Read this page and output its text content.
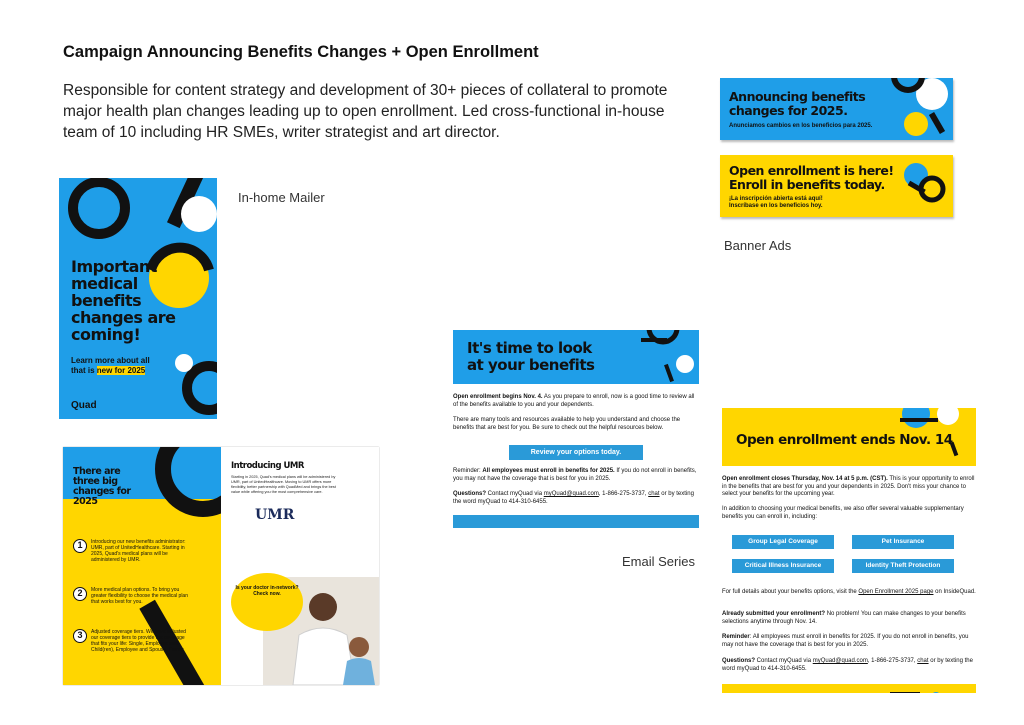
Campaign Announcing Benefits Changes + Open Enrollment
Responsible for content strategy and development of 30+ pieces of collateral to promote major health plan changes leading up to open enrollment. Led cross-functional in-house team of 10 including HR SMEs, writer strategist and art director.
Important medical benefits changes are coming!
Learn more about all
that is new for 2025
Quad
In-home Mailer
There are three big changes for 2025
1 Introducing our new benefits administrator: UMR, part of UnitedHealthcare. Starting in 2025, Quad's medical plans will be administered by UMR.
2 More medical plan options. To bring you greater flexibility to choose the medical plan that works best for you.
3 Adjusted coverage tiers. We have adjusted our coverage tiers to provide the coverage that fits your life: Single, Employee and Child(ren), Employee and Spouse, Family.
Introducing UMR
Starting in 2025, Quad's medical plans will be administered by UMR, part of UnitedHealthcare. Moving to UMR offers more flexibility, better partnership with QuadMed and brings the best value while offering you the most comprehensive care.
UMR
Is your doctor in-network? Check now.
Announcing benefits
changes for 2025.
Anunciamos cambios en los beneficios para 2025.
Open enrollment is here!
Enroll in benefits today.
¡La inscripción abierta está aquí!
Inscríbase en los beneficios hoy.
Banner Ads
It's time to look
at your benefits
Open enrollment begins Nov. 4. As you prepare to enroll, now is a good time to review all of the benefits available to you and your dependents.
There are many tools and resources available to help you understand and choose the benefits that are best for you. Be sure to check out the helpful resources below.
Review your options today.
Reminder: All employees must enroll in benefits for 2025. If you do not enroll in benefits, you may not have the coverage that is best for you in 2025.
Questions? Contact myQuad via myQuad@quad.com, 1-866-275-3737, chat or by texting the word myQuad to 414-310-6455.
Email Series
Open enrollment ends Nov. 14
Open enrollment closes Thursday, Nov. 14 at 5 p.m. (CST). This is your opportunity to enroll in the benefits that are best for you and your dependents in 2025. Don't miss your chance to select your benefits for the upcoming year.
In addition to choosing your medical benefits, we also offer several valuable supplementary benefits you can enroll in, including:
Group Legal Coverage	Pet Insurance
Critical Illness Insurance	Identity Theft Protection
For full details about your benefits options, visit the Open Enrollment 2025 page on InsideQuad.
Already submitted your enrollment? No problem! You can make changes to your benefits selections anytime through Nov. 14.
Reminder: All employees must enroll in benefits for 2025. If you do not enroll in benefits, you may not have the coverage that is best for you in 2025.
Questions? Contact myQuad via myQuad@quad.com, 1-866-275-3737, chat or by texting the word myQuad to 414-310-6455.
